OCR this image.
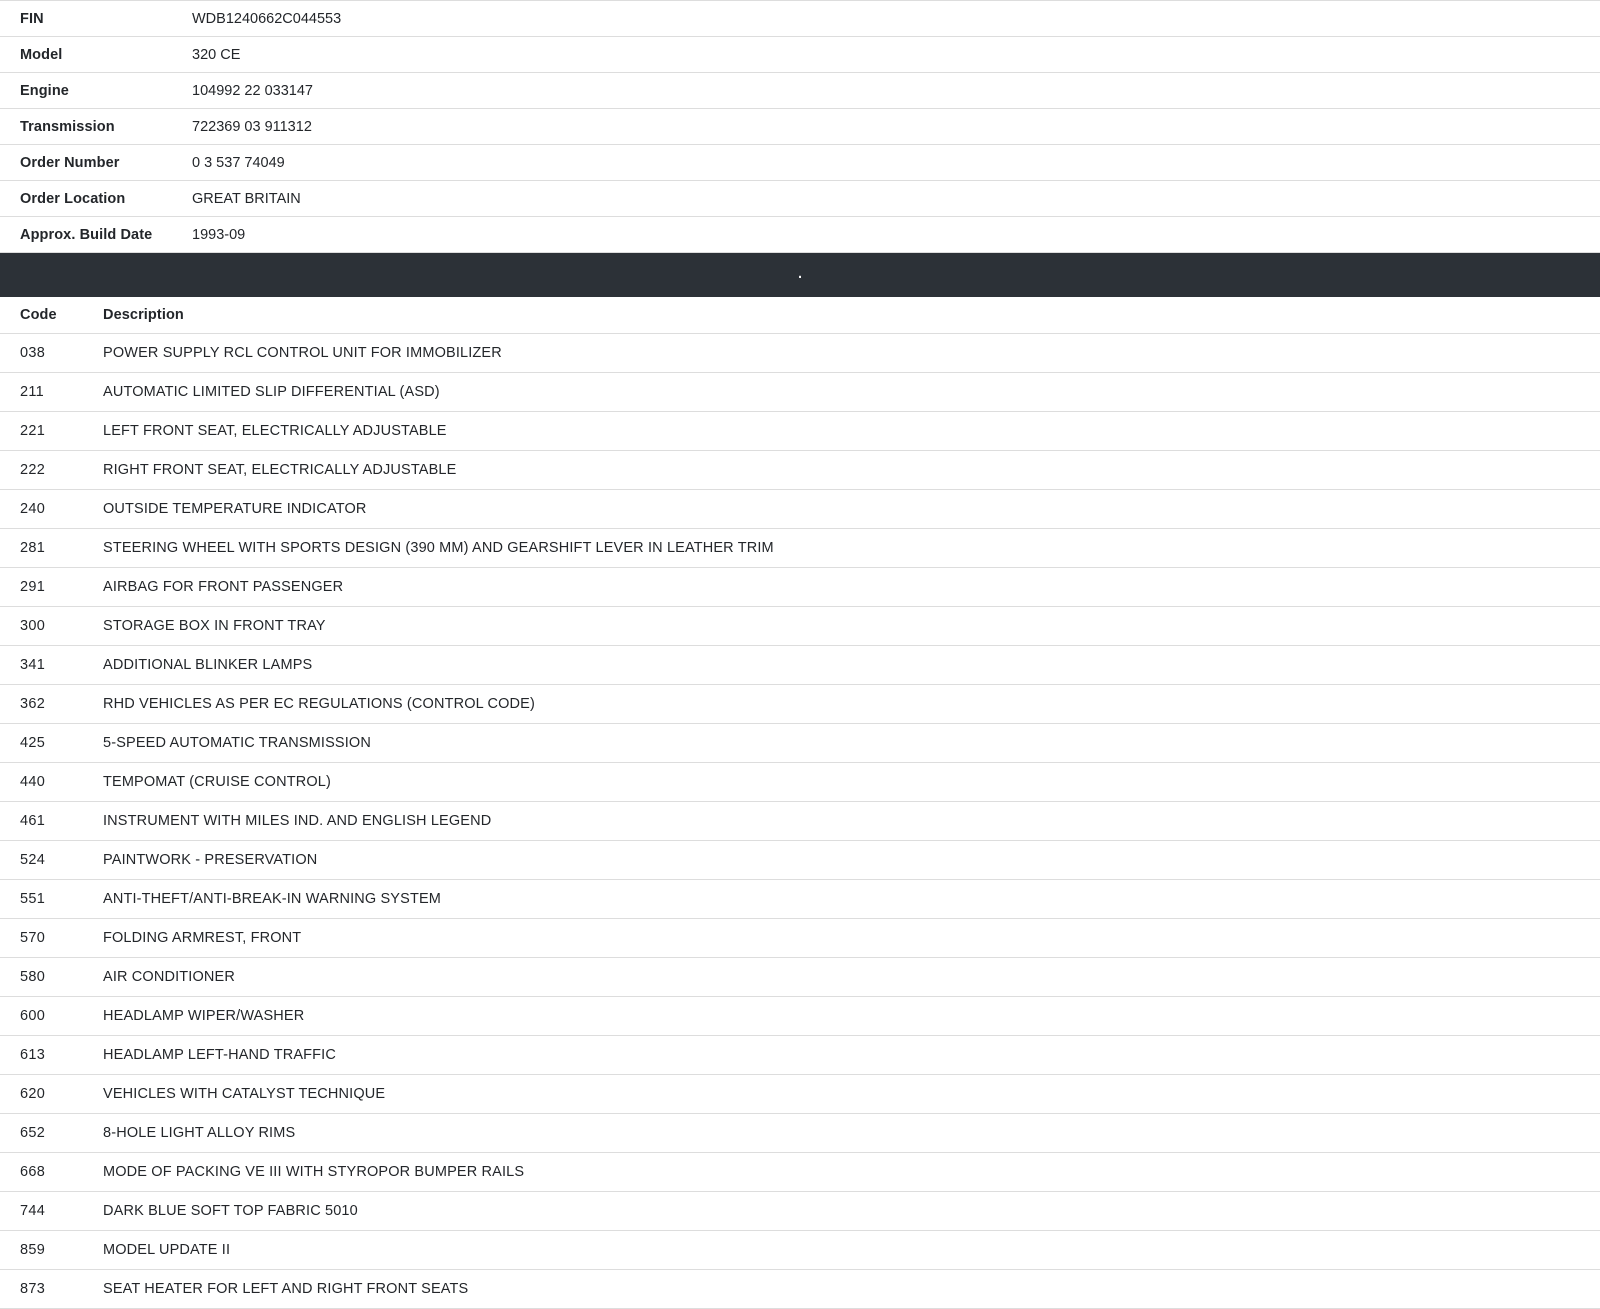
FIN	WDB1240662C044553
Model	320 CE
Engine	104992 22 033147
Transmission	722369 03 911312
Order Number	0 3 537 74049
Order Location	GREAT BRITAIN
Approx. Build Date	1993-09
.
Code	Description
038	POWER SUPPLY RCL CONTROL UNIT FOR IMMOBILIZER
211	AUTOMATIC LIMITED SLIP DIFFERENTIAL (ASD)
221	LEFT FRONT SEAT, ELECTRICALLY ADJUSTABLE
222	RIGHT FRONT SEAT, ELECTRICALLY ADJUSTABLE
240	OUTSIDE TEMPERATURE INDICATOR
281	STEERING WHEEL WITH SPORTS DESIGN (390 MM) AND GEARSHIFT LEVER IN LEATHER TRIM
291	AIRBAG FOR FRONT PASSENGER
300	STORAGE BOX IN FRONT TRAY
341	ADDITIONAL BLINKER LAMPS
362	RHD VEHICLES AS PER EC REGULATIONS (CONTROL CODE)
425	5-SPEED AUTOMATIC TRANSMISSION
440	TEMPOMAT (CRUISE CONTROL)
461	INSTRUMENT WITH MILES IND. AND ENGLISH LEGEND
524	PAINTWORK - PRESERVATION
551	ANTI-THEFT/ANTI-BREAK-IN WARNING SYSTEM
570	FOLDING ARMREST, FRONT
580	AIR CONDITIONER
600	HEADLAMP WIPER/WASHER
613	HEADLAMP LEFT-HAND TRAFFIC
620	VEHICLES WITH CATALYST TECHNIQUE
652	8-HOLE LIGHT ALLOY RIMS
668	MODE OF PACKING VE III WITH STYROPOR BUMPER RAILS
744	DARK BLUE SOFT TOP FABRIC 5010
859	MODEL UPDATE II
873	SEAT HEATER FOR LEFT AND RIGHT FRONT SEATS
